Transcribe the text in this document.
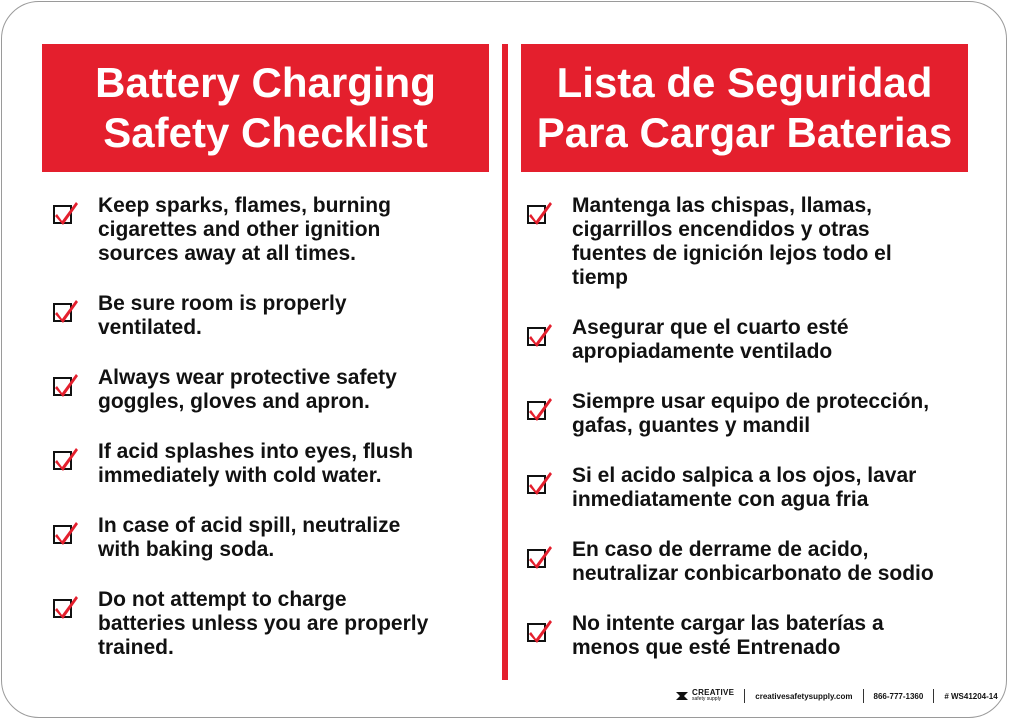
Battery Charging
Safety Checklist
Lista de Seguridad
Para Cargar Baterias
Keep sparks, flames, burning
cigarettes and other ignition
sources away at all times.
Be sure room is properly
ventilated.
Always wear protective safety
goggles, gloves and apron.
If acid splashes into eyes, flush
immediately with cold water.
In case of acid spill, neutralize
with baking soda.
Do not attempt to charge
batteries unless you are properly
trained.
Mantenga las chispas, llamas,
cigarrillos encendidos y otras
fuentes de ignición lejos todo el
tiemp
Asegurar que el cuarto esté
apropiadamente ventilado
Siempre usar equipo de protección,
gafas, guantes y mandil
Si el acido salpica a los ojos, lavar
inmediatamente con agua fria
En caso de derrame de acido,
neutralizar conbicarbonato de sodio
No intente cargar las baterías a
menos que esté Entrenado
CREATIVE
safety supply	creativesafetysupply.com	866-777-1360	# WS41204-14
